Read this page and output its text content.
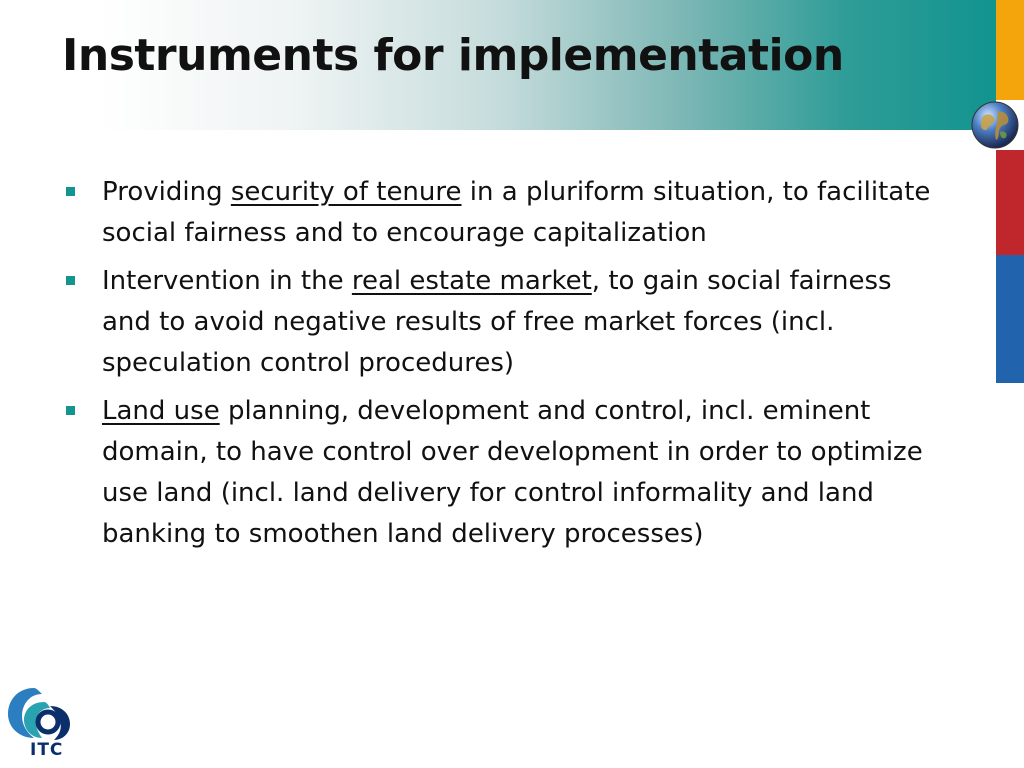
Instruments for implementation
Providing security of tenure in a pluriform situation, to facilitate social fairness and to encourage capitalization
Intervention in the real estate market, to gain social fairness and to avoid negative results of free market forces (incl. speculation control procedures)
Land use planning, development and control, incl. eminent domain, to have control over development in order to optimize use land (incl. land delivery for control informality and land banking to smoothen land delivery processes)
ITC
